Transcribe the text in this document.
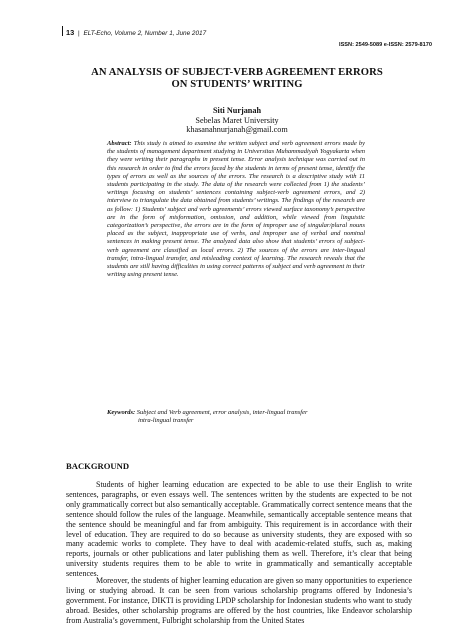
13 | ELT-Echo, Volume 2, Number 1, June 2017
ISSN: 2549-5089 e-ISSN: 2579-8170
AN ANALYSIS OF SUBJECT-VERB AGREEMENT ERRORS
ON STUDENTS’ WRITING
Siti Nurjanah
Sebelas Maret University
khasanahnurjanah@gmail.com
Abstract: This study is aimed to examine the written subject and verb agreement errors made by the students of management department studying in Universitas Muhammadiyah Yogyakarta when they were writing their paragraphs in present tense. Error analysis technique was carried out in this research in order to find the errors faced by the students in terms of present tense, identify the types of errors as well as the sources of the errors. The research is a descriptive study with 11 students participating in the study. The data of the research were collected from 1) the students’ writings focusing on students’ sentences containing subject-verb agreement errors, and 2) interview to triangulate the data obtained from students’ writings. The findings of the research are as follow: 1) Students’ subject and verb agreements’ errors viewed surface taxonomy’s perspective are in the form of misformation, omission, and addition, while viewed from linguistic categorization’s perspective, the errors are in the form of improper use of singular/plural nouns placed as the subject, inappropriate use of verbs, and improper use of verbal and nominal sentences in making present tense. The analyzed data also show that students’ errors of subject-verb agreement are classified as local errors. 2) The sources of the errors are inter-lingual transfer, intra-lingual transfer, and misleading context of learning. The research reveals that the students are still having difficulties in using correct patterns of subject and verb agreement in their writing using present tense.
Keywords: Subject and Verb agreement, error analysis, inter-lingual transfer
intra-lingual transfer
BACKGROUND

Students of higher learning education are expected to be able to use their English to write sentences, paragraphs, or even essays well. The sentences written by the students are expected to be not only grammatically correct but also semantically acceptable. Grammatically correct sentence means that the sentence should follow the rules of the language. Meanwhile, semantically acceptable sentence means that the sentence should be meaningful and far from ambiguity. This requirement is in accordance with their level of education. They are required to do so because as university students, they are exposed with so many academic works to complete. They have to deal with academic-related stuffs, such as, making reports, journals or other publications and later publishing them as well. Therefore, it’s clear that being university students requires them to be able to write in grammatically and semantically acceptable sentences.

Moreover, the students of higher learning education are given so many opportunities to experience living or studying abroad. It can be seen from various scholarship programs offered by Indonesia’s government. For instance, DIKTI is providing LPDP scholarship for Indonesian students who want to study abroad. Besides, other scholarship programs are offered by the host countries, like Endeavor scholarship from Australia’s government, Fulbright scholarship from the United States
